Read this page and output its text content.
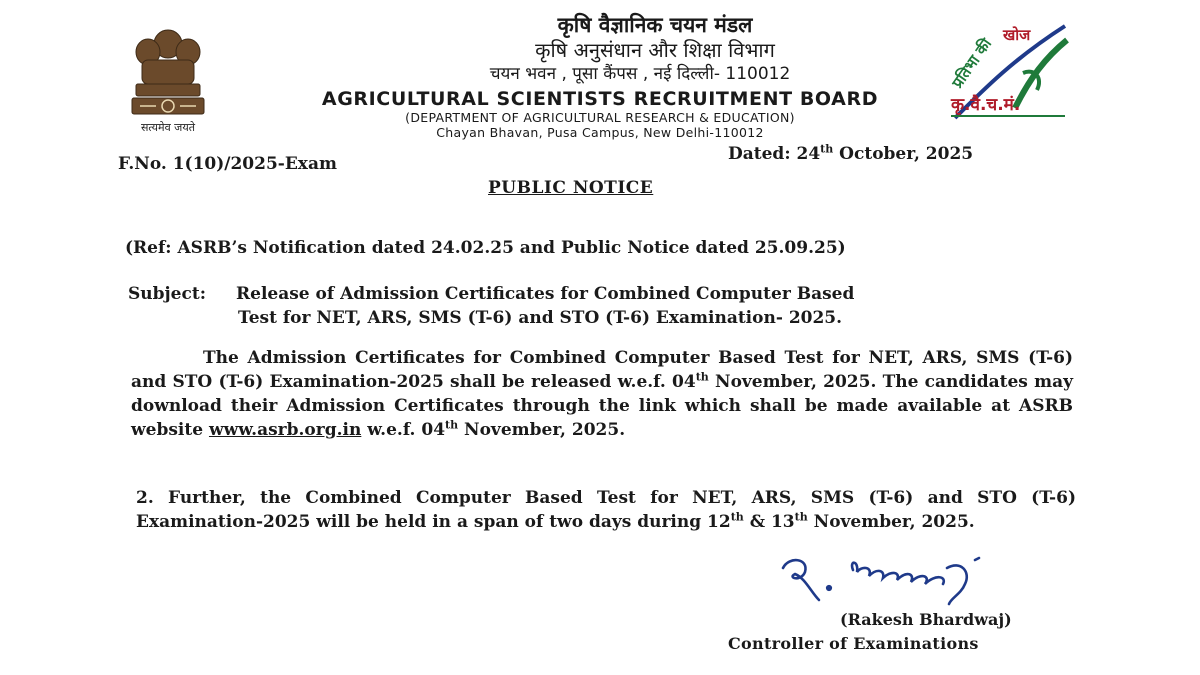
सत्यमेव जयते
कृषि वैज्ञानिक चयन मंडल
कृषि अनुसंधान और शिक्षा विभाग
चयन भवन , पूसा कैंपस , नई दिल्ली- 110012
AGRICULTURAL SCIENTISTS RECRUITMENT BOARD
(DEPARTMENT OF AGRICULTURAL RESEARCH & EDUCATION)
Chayan Bhavan, Pusa Campus, New Delhi-110012
प्रतिभा की
खोज
कृ.वै.च.मं.
F.No. 1(10)/2025-Exam	Dated: 24th October, 2025
PUBLIC NOTICE
(Ref: ASRB’s Notification dated 24.02.25 and Public Notice dated 25.09.25)
Subject: Release of Admission Certificates for Combined Computer Based
Test for NET, ARS, SMS (T-6) and STO (T-6) Examination- 2025.
The Admission Certificates for Combined Computer Based Test for NET, ARS, SMS (T-6) and STO (T-6) Examination-2025 shall be released w.e.f. 04th November, 2025. The candidates may download their Admission Certificates through the link which shall be made available at ASRB website www.asrb.org.in w.e.f. 04th November, 2025.
2. Further, the Combined Computer Based Test for NET, ARS, SMS (T-6) and STO (T-6) Examination-2025 will be held in a span of two days during 12th & 13th November, 2025.
(Rakesh Bhardwaj)
Controller of Examinations
